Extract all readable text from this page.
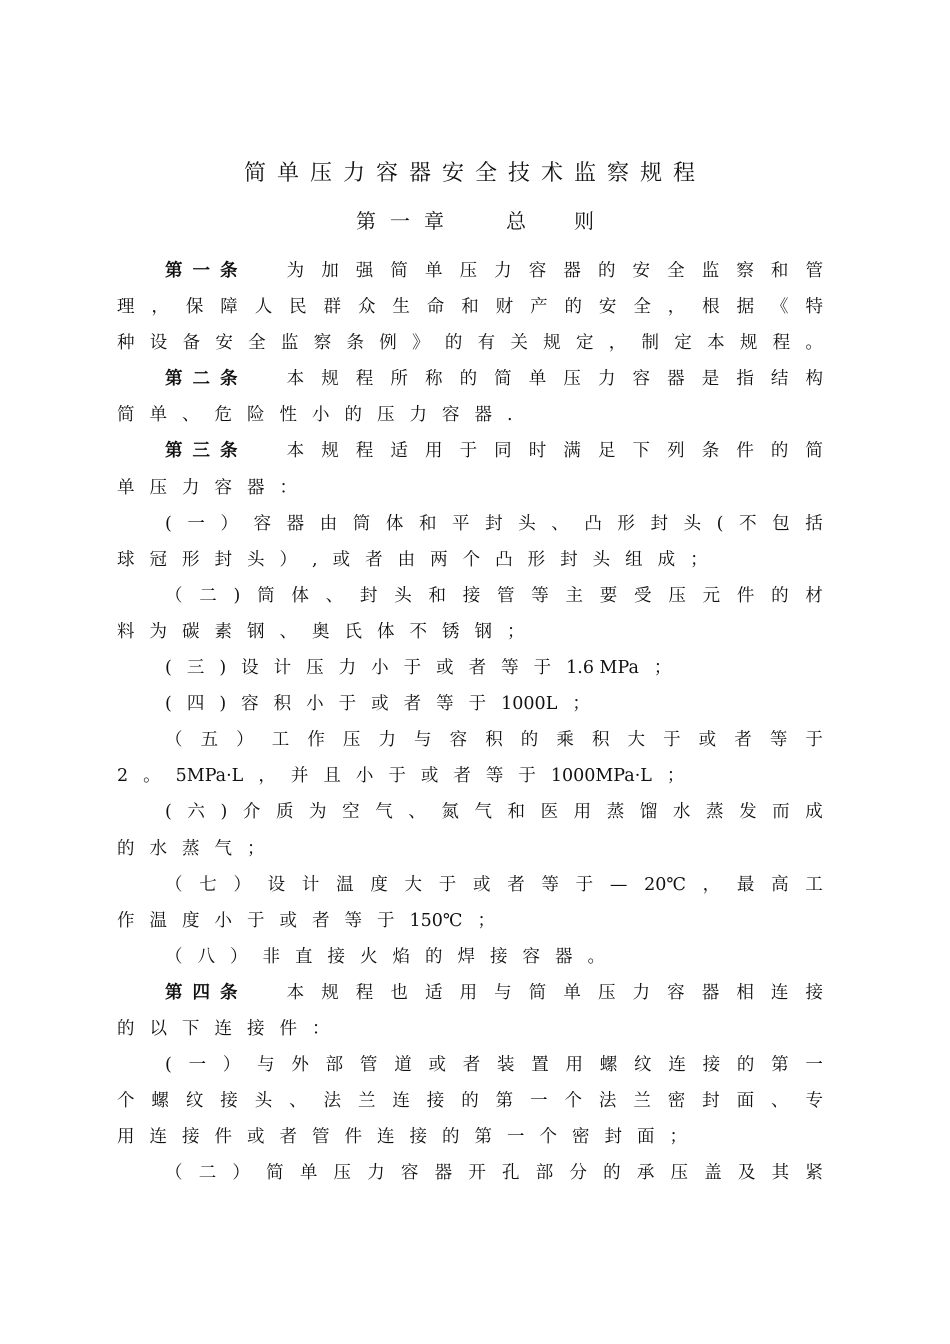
简单压力容器安全技术监察规程
第一章 总 则
第一条 为 加 强 简 单 压 力 容 器 的 安 全 监 察 和 管
理 ， 保 障 人 民 群 众 生 命 和 财 产 的 安 全 ， 根 据 《 特
种 设 备 安 全 监 察 条 例 》 的 有 关 规 定 ， 制 定 本 规 程 。
第二条 本 规 程 所 称 的 简 单 压 力 容 器 是 指 结 构
简 单 、 危 险 性 小 的 压 力 容 器 .
第三条 本 规 程 适 用 于 同 时 满 足 下 列 条 件 的 简
单 压 力 容 器 ：
( 一 ） 容 器 由 筒 体 和 平 封 头 、 凸 形 封 头 ( 不 包 括
球 冠 形 封 头 ） , 或 者 由 两 个 凸 形 封 头 组 成 ；
（ 二 ) 筒 体 、 封 头 和 接 管 等 主 要 受 压 元 件 的 材
料 为 碳 素 钢 、 奥 氏 体 不 锈 钢 ；
( 三 ) 设 计 压 力 小 于 或 者 等 于 1.6 MPa ；
( 四 ) 容 积 小 于 或 者 等 于 1000L ；
（ 五 ） 工 作 压 力 与 容 积 的 乘 积 大 于 或 者 等 于
2 。 5MPa·L ， 并 且 小 于 或 者 等 于 1000MPa·L ；
( 六 ) 介 质 为 空 气 、 氮 气 和 医 用 蒸 馏 水 蒸 发 而 成
的 水 蒸 气 ；
（ 七 ） 设 计 温 度 大 于 或 者 等 于 — 20℃ ， 最 高 工
作 温 度 小 于 或 者 等 于 150℃ ；
（ 八 ） 非 直 接 火 焰 的 焊 接 容 器 。
第四条 本 规 程 也 适 用 与 简 单 压 力 容 器 相 连 接
的 以 下 连 接 件 ：
( 一 ） 与 外 部 管 道 或 者 装 置 用 螺 纹 连 接 的 第 一
个 螺 纹 接 头 、 法 兰 连 接 的 第 一 个 法 兰 密 封 面 、 专
用 连 接 件 或 者 管 件 连 接 的 第 一 个 密 封 面 ；
（ 二 ） 简 单 压 力 容 器 开 孔 部 分 的 承 压 盖 及 其 紧
